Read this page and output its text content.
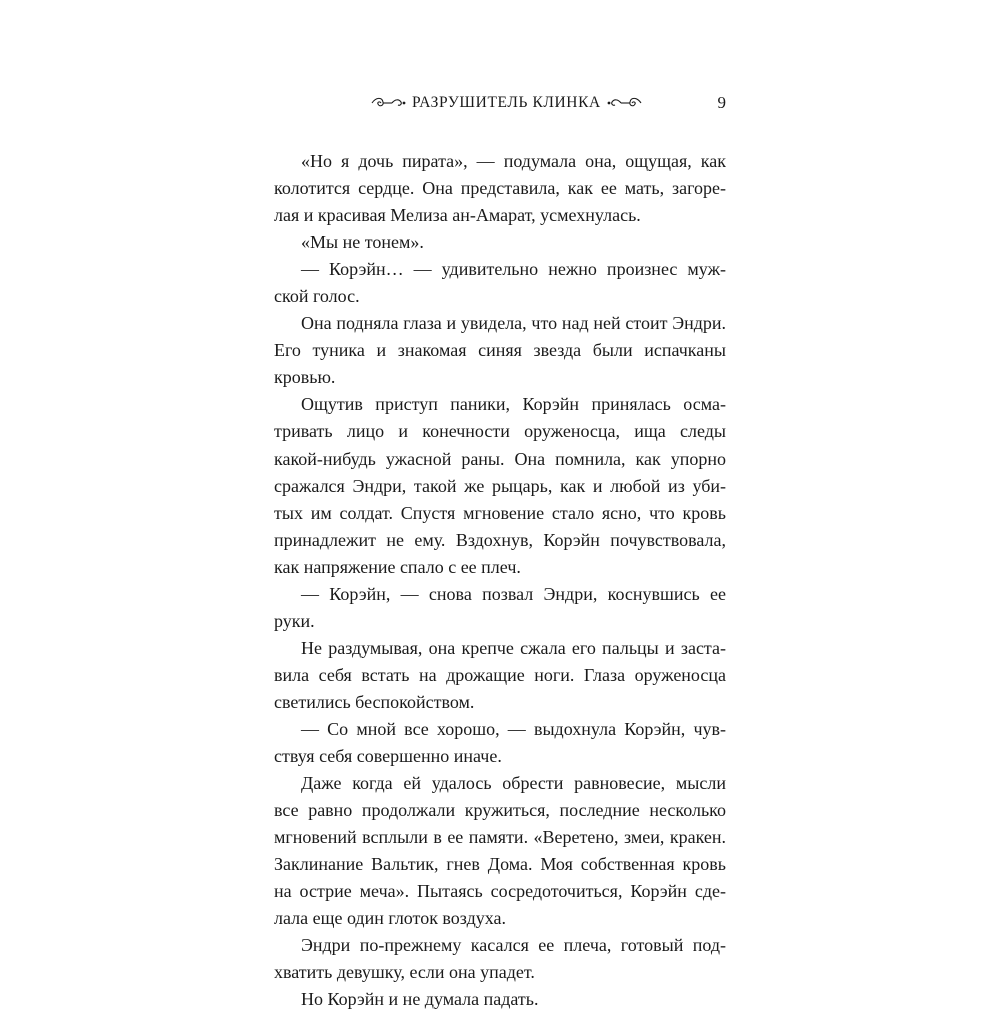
РАЗРУШИТЕЛЬ КЛИНКА	9
«Но я дочь пирата», — подумала она, ощущая, как
колотится сердце. Она представила, как ее мать, загоре-
лая и красивая Мелиза ан-Амарат, усмехнулась.
«Мы не тонем».
— Корэйн… — удивительно нежно произнес муж-
ской голос.
Она подняла глаза и увидела, что над ней стоит Эндри.
Его туника и знакомая синяя звезда были испачканы
кровью.
Ощутив приступ паники, Корэйн принялась осма-
тривать лицо и конечности оруженосца, ища следы
какой-нибудь ужасной раны. Она помнила, как упорно
сражался Эндри, такой же рыцарь, как и любой из уби-
тых им солдат. Спустя мгновение стало ясно, что кровь
принадлежит не ему. Вздохнув, Корэйн почувствовала,
как напряжение спало с ее плеч.
— Корэйн, — снова позвал Эндри, коснувшись ее
руки.
Не раздумывая, она крепче сжала его пальцы и заста-
вила себя встать на дрожащие ноги. Глаза оруженосца
светились беспокойством.
— Со мной все хорошо, — выдохнула Корэйн, чув-
ствуя себя совершенно иначе.
Даже когда ей удалось обрести равновесие, мысли
все равно продолжали кружиться, последние несколько
мгновений всплыли в ее памяти. «Веретено, змеи, кракен.
Заклинание Вальтик, гнев Дома. Моя собственная кровь
на острие меча». Пытаясь сосредоточиться, Корэйн сде-
лала еще один глоток воздуха.
Эндри по-прежнему касался ее плеча, готовый под-
хватить девушку, если она упадет.
Но Корэйн и не думала падать.
